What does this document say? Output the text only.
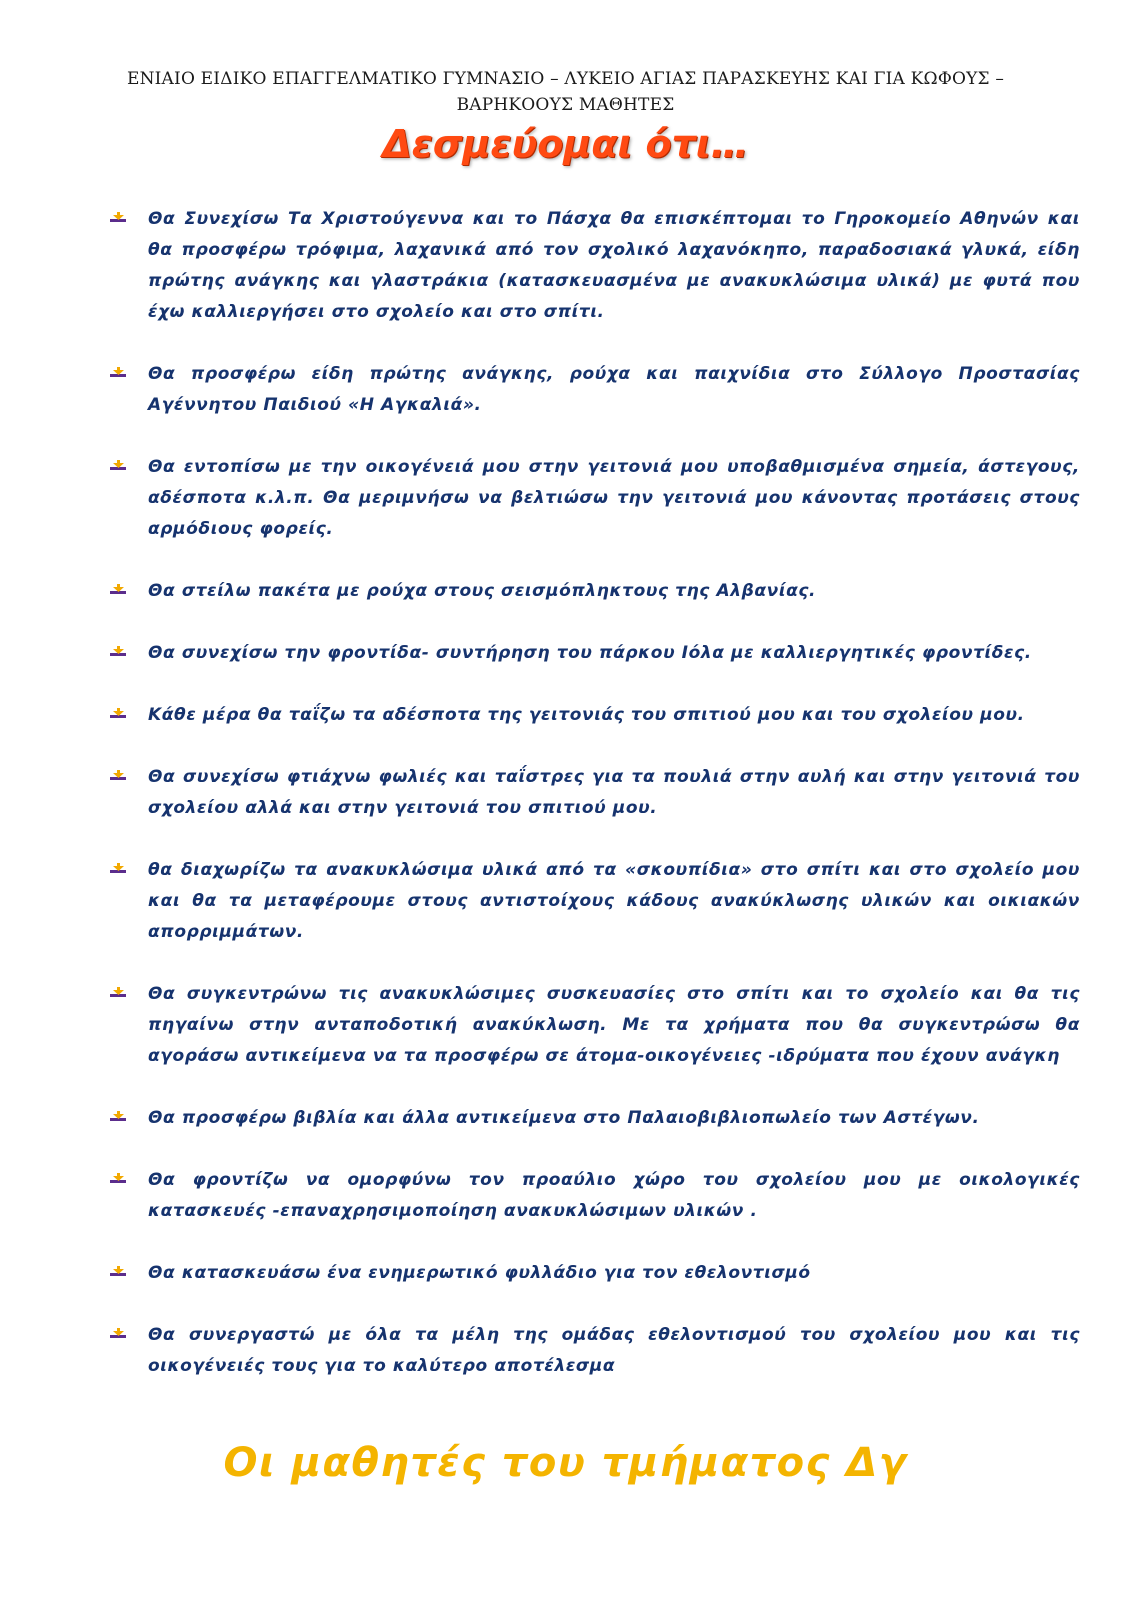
ΕΝΙΑΙΟ ΕΙΔΙΚΟ ΕΠΑΓΓΕΛΜΑΤΙΚΟ ΓΥΜΝΑΣΙΟ – ΛΥΚΕΙΟ ΑΓΙΑΣ ΠΑΡΑΣΚΕΥΗΣ ΚΑΙ ΓΙΑ ΚΩΦΟΥΣ –
ΒΑΡΗΚΟΟΥΣ ΜΑΘΗΤΕΣ
Δεσμεύομαι ότι…
Θα Συνεχίσω Τα Χριστούγεννα και το Πάσχα θα επισκέπτομαι το Γηροκομείο Αθηνών και θα προσφέρω τρόφιμα, λαχανικά από τον σχολικό λαχανόκηπο, παραδοσιακά γλυκά, είδη πρώτης ανάγκης και γλαστράκια (κατασκευασμένα με ανακυκλώσιμα υλικά) με φυτά που έχω καλλιεργήσει στο σχολείο και στο σπίτι.
Θα προσφέρω είδη πρώτης ανάγκης, ρούχα και παιχνίδια στο Σύλλογο Προστασίας Αγέννητου Παιδιού «Η Αγκαλιά».
Θα εντοπίσω με την οικογένειά μου στην γειτονιά μου υποβαθμισμένα σημεία, άστεγους, αδέσποτα κ.λ.π. Θα μεριμνήσω να βελτιώσω την γειτονιά μου κάνοντας προτάσεις στους αρμόδιους φορείς.
Θα στείλω πακέτα με ρούχα στους σεισμόπληκτους της Αλβανίας.
Θα συνεχίσω την φροντίδα- συντήρηση του πάρκου Ιόλα με καλλιεργητικές φροντίδες.
Κάθε μέρα θα ταΐζω τα αδέσποτα της γειτονιάς του σπιτιού μου και του σχολείου μου.
Θα συνεχίσω φτιάχνω φωλιές και ταΐστρες για τα πουλιά στην αυλή και στην γειτονιά του σχολείου αλλά και στην γειτονιά του σπιτιού μου.
θα διαχωρίζω τα ανακυκλώσιμα υλικά από τα «σκουπίδια» στο σπίτι και στο σχολείο μου και θα τα μεταφέρουμε στους αντιστοίχους κάδους ανακύκλωσης υλικών και οικιακών απορριμμάτων.
Θα συγκεντρώνω τις ανακυκλώσιμες συσκευασίες στο σπίτι και το σχολείο και θα τις πηγαίνω στην ανταποδοτική ανακύκλωση. Με τα χρήματα που θα συγκεντρώσω θα αγοράσω αντικείμενα να τα προσφέρω σε άτομα-οικογένειες -ιδρύματα που έχουν ανάγκη
Θα προσφέρω βιβλία και άλλα αντικείμενα στο Παλαιοβιβλιοπωλείο των Αστέγων.
Θα φροντίζω να ομορφύνω τον προαύλιο χώρο του σχολείου μου με οικολογικές κατασκευές -επαναχρησιμοποίηση ανακυκλώσιμων υλικών .
Θα κατασκευάσω ένα ενημερωτικό φυλλάδιο για τον εθελοντισμό
Θα συνεργαστώ με όλα τα μέλη της ομάδας εθελοντισμού του σχολείου μου και τις οικογένειές τους για το καλύτερο αποτέλεσμα
Οι μαθητές του τμήματος Δγ
